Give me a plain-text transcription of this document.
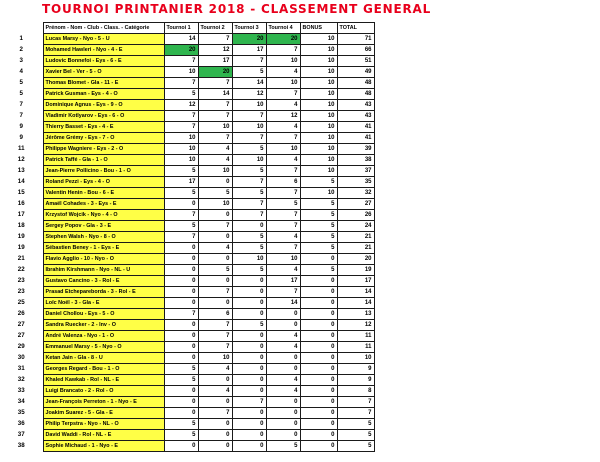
TOURNOI PRINTANIER 2018 - CLASSEMENT GENERAL
	Prénom - Nom - Club - Class. - Catégorie	Tournoi 1	Tournoi 2	Tournoi 3	Tournoi 4	BONUS	TOTAL
1	Lucas Marsy - Nyo - 5 - U	14	7	20	20	10	71
2	Mohamed Hawleri - Nyo - 4 - E	20	12	17	7	10	66
3	Ludovic Bonnefoi - Eys - 6 - E	7	17	7	10	10	51
4	Xavier Bel - Ver - 5 - O	10	20	5	4	10	49
5	Thomas Blomet - Gla - 11 - E	7	7	14	10	10	48
5	Patrick Gusman - Eys - 4 - O	5	14	12	7	10	48
7	Dominique Agnus - Eys - 9 - O	12	7	10	4	10	43
7	Vladimir Kotlyarov - Eys - 6 - O	7	7	7	12	10	43
9	Thierry Basset - Eys - 4 - E	7	10	10	4	10	41
9	Jérôme Grémy - Eys - 7 - O	10	7	7	7	10	41
11	Philippe Wagniere - Eys - 2 - O	10	4	5	10	10	39
12	Patrick Taffé - Gla - 1 - O	10	4	10	4	10	38
13	Jean-Pierre Pollicino - Bou - 1 - O	5	10	5	7	10	37
14	Roland Pezzi - Eys - 4 - O	17	0	7	6	5	35
15	Valentin Henin - Bou - 6 - E	5	5	5	7	10	32
16	Amaël Cohades - 3 - Eys - E	0	10	7	5	5	27
17	Krzystof Wojcik - Nyo - 4 - O	7	0	7	7	5	26
18	Sergey Popov - Gla - 3 - E	5	7	0	7	5	24
19	Stephen Walsh - Nyo - 8 - O	7	0	5	4	5	21
19	Sébastien Beney - 1 - Eys - E	0	4	5	7	5	21
21	Flavio Agglio - 10 - Nyo - O	0	0	10	10	0	20
22	Ibrahim Kirshmann - Nyo - NL - U	0	5	5	4	5	19
23	Gustavo Cancino - 3 - Rol - E	0	0	0	17	0	17
23	Prasad Etchepareborda - 3 - Rol - E	0	7	0	7	0	14
25	Loïc Noël - 3 - Gla - E	0	0	0	14	0	14
26	Daniel Chollou - Eys - 5 - O	7	6	0	0	0	13
27	Sandra Ruecker - 2 - Inv - O	0	7	5	0	0	12
27	André Valenza - Nyo - 1 - O	0	7	0	4	0	11
29	Emmanuel Marsy - 5 - Nyo - O	0	7	0	4	0	11
30	Ketan Jain - Gla - 8 - U	0	10	0	0	0	10
31	Georges Regard - Bou - 1 - O	5	4	0	0	0	9
32	Khaled Kawkab - Rol - NL - E	5	0	0	4	0	9
33	Luigi Brancato - 2 - Rol - O	0	4	0	4	0	8
34	Jean-François Perreton - 1 - Nyo - E	0	0	7	0	0	7
35	Joakim Suarez - 5 - Gla - E	0	7	0	0	0	7
36	Philip Terpstra - Nyo - NL - O	5	0	0	0	0	5
37	David Waddi - Rol - NL - E	5	0	0	0	0	5
38	Sophie Michaud - 1 - Nyo - E	0	0	0	5	0	5
